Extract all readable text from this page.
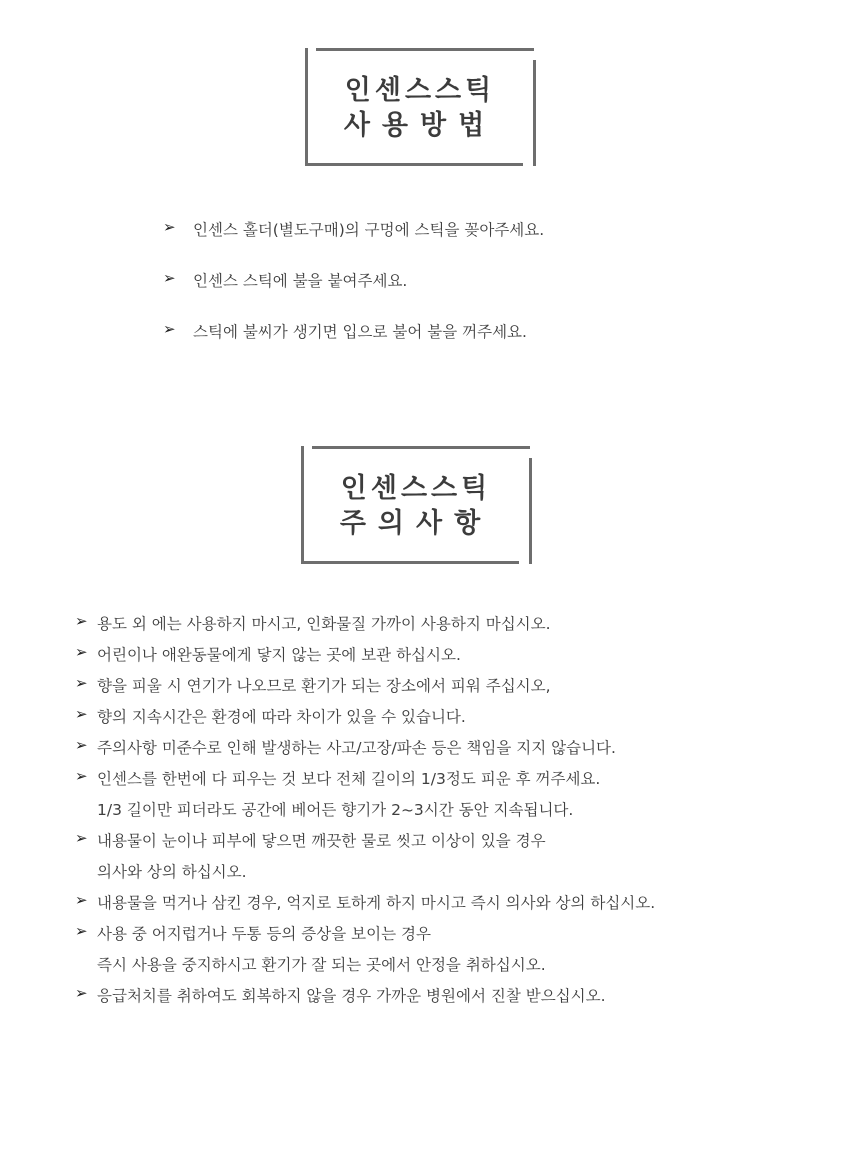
인센스스틱
사용방법
➢ 인센스 홀더(별도구매)의 구멍에 스틱을 꽂아주세요.
➢ 인센스 스틱에 불을 붙여주세요.
➢ 스틱에 불씨가 생기면 입으로 불어 불을 꺼주세요.
인센스스틱
주의사항
➢ 용도 외 에는 사용하지 마시고, 인화물질 가까이 사용하지 마십시오.
➢ 어린이나 애완동물에게 닿지 않는 곳에 보관 하십시오.
➢ 향을 피울 시 연기가 나오므로 환기가 되는 장소에서 피워 주십시오,
➢ 향의 지속시간은 환경에 따라 차이가 있을 수 있습니다.
➢ 주의사항 미준수로 인해 발생하는 사고/고장/파손 등은 책임을 지지 않습니다.
➢ 인센스를 한번에 다 피우는 것 보다 전체 길이의 1/3정도 피운 후 꺼주세요.
1/3 길이만 피더라도 공간에 베어든 향기가 2~3시간 동안 지속됩니다.
➢ 내용물이 눈이나 피부에 닿으면 깨끗한 물로 씻고 이상이 있을 경우
의사와 상의 하십시오.
➢ 내용물을 먹거나 삼킨 경우, 억지로 토하게 하지 마시고 즉시 의사와 상의 하십시오.
➢ 사용 중 어지럽거나 두통 등의 증상을 보이는 경우
즉시 사용을 중지하시고 환기가 잘 되는 곳에서 안정을 취하십시오.
➢ 응급처치를 취하여도 회복하지 않을 경우 가까운 병원에서 진찰 받으십시오.
